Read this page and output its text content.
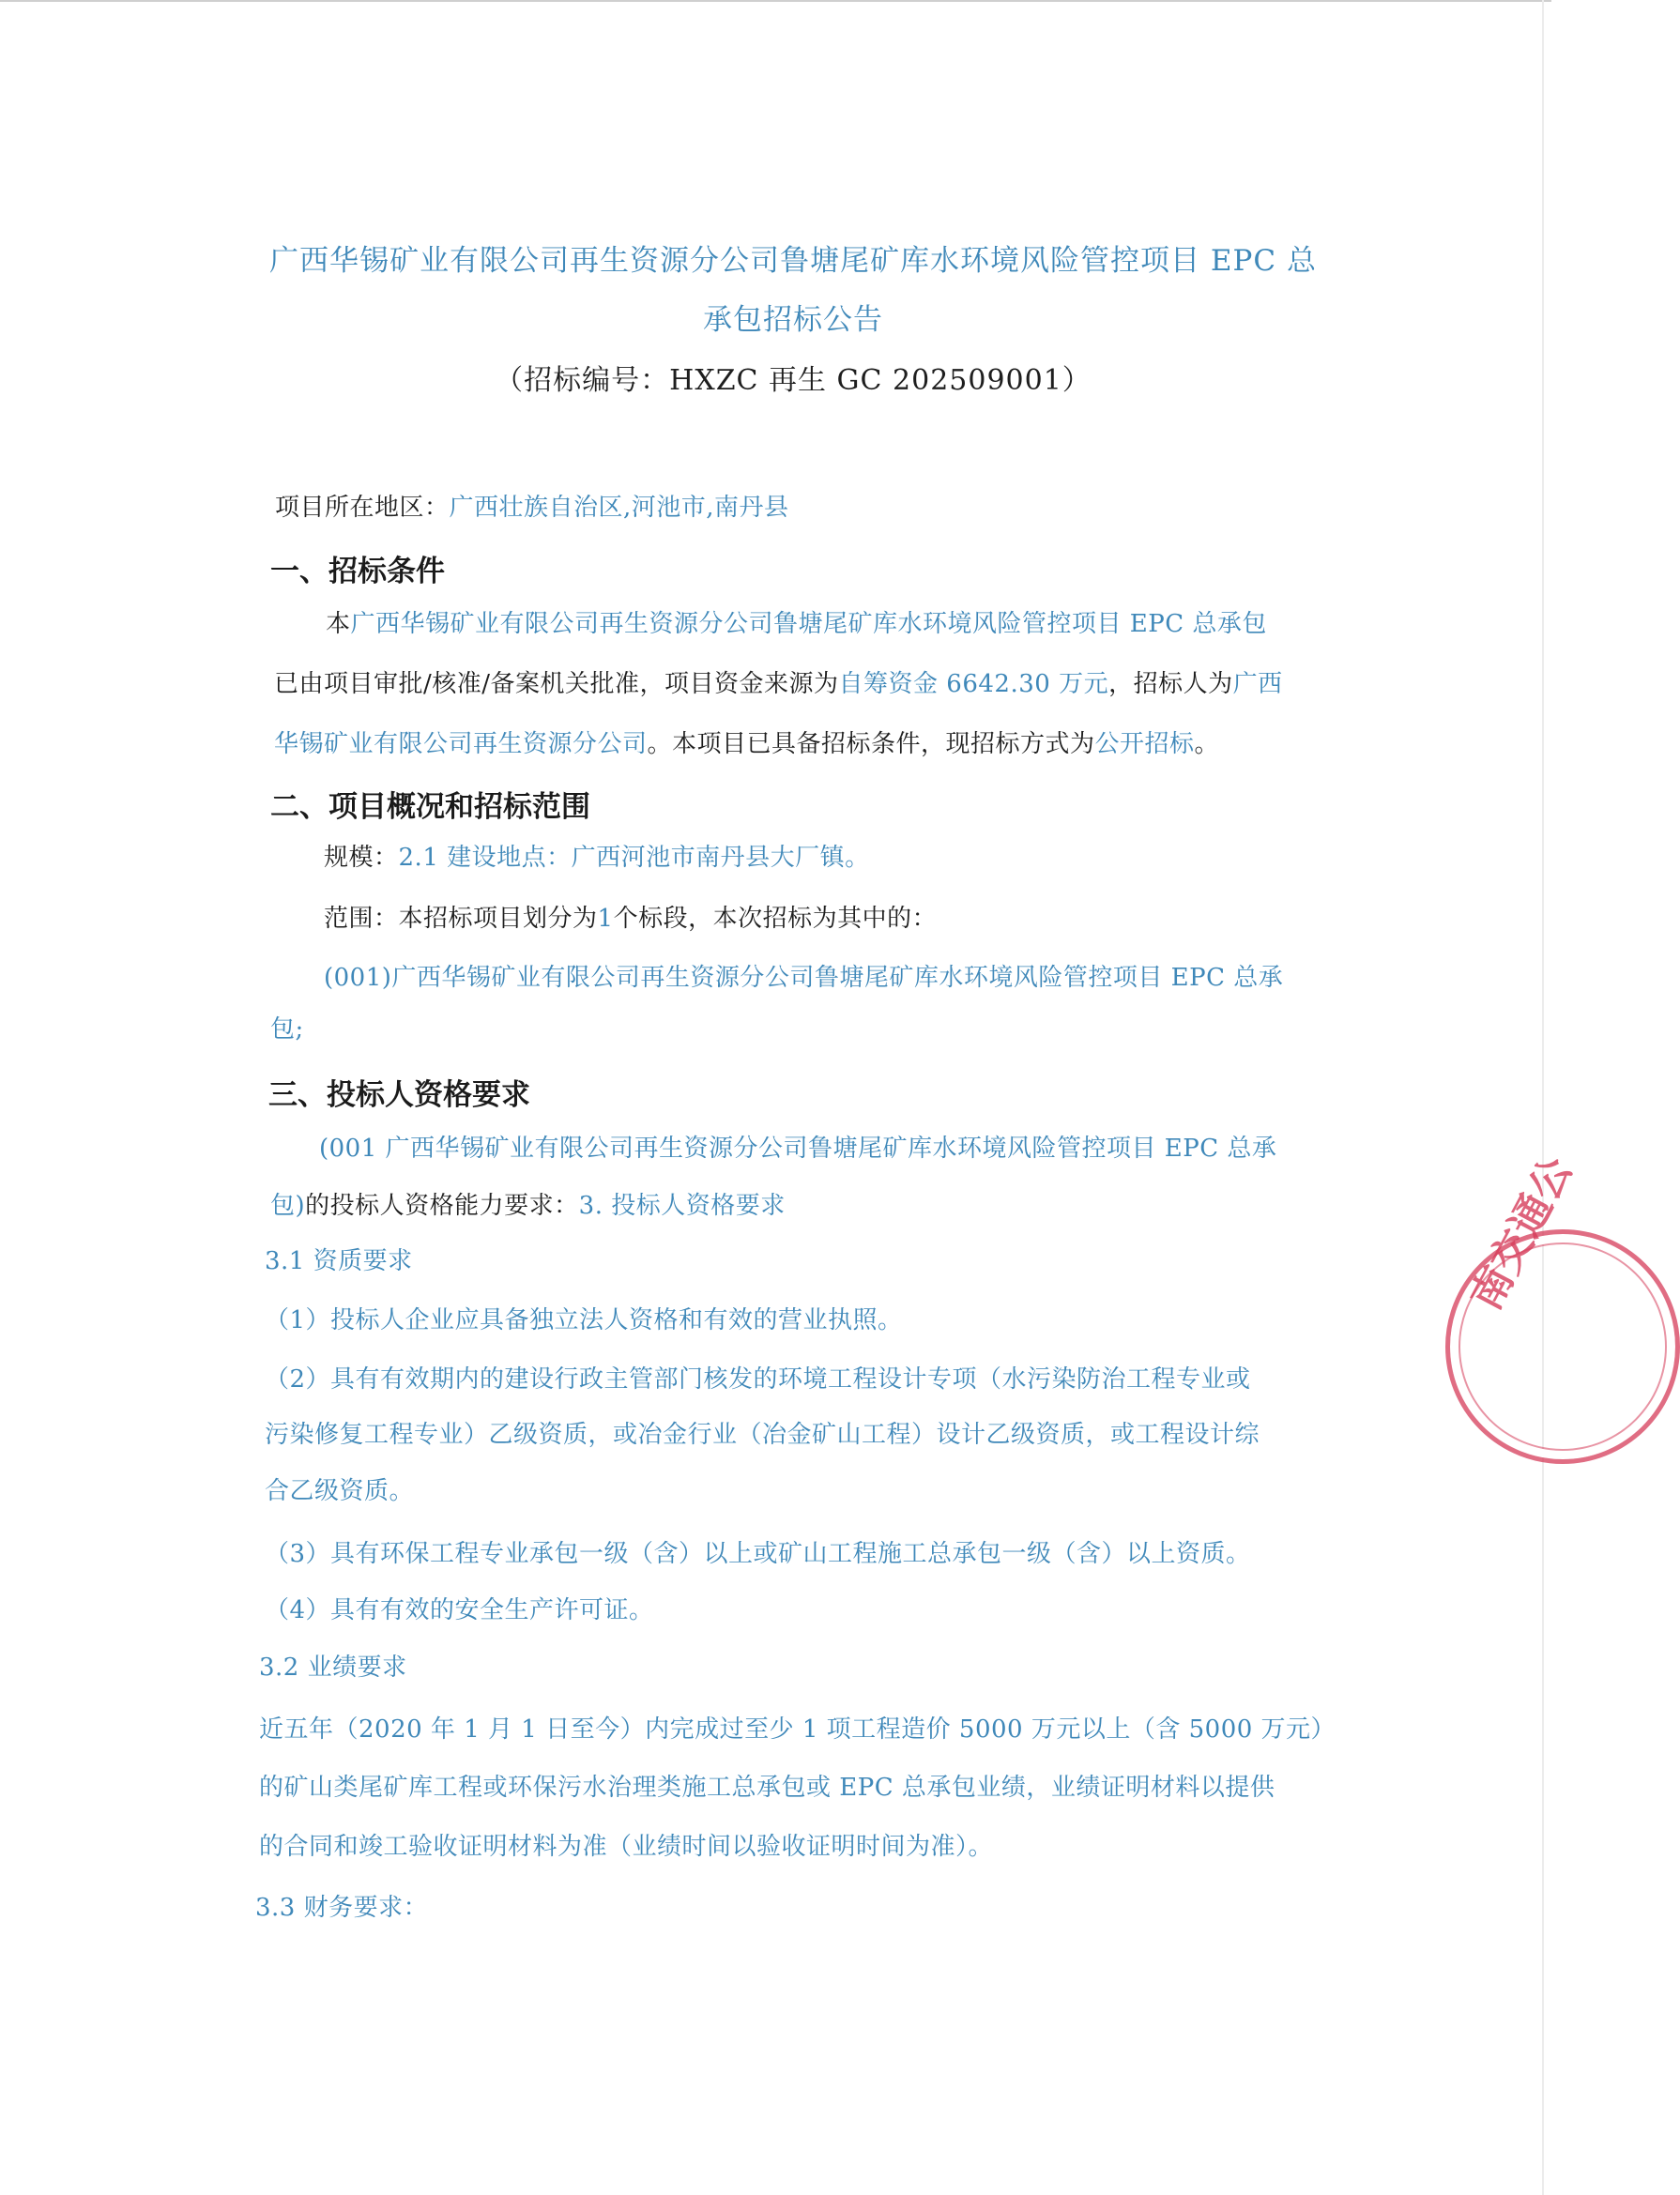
广西华锡矿业有限公司再生资源分公司鲁塘尾矿库水环境风险管控项目 EPC 总
承包招标公告
（招标编号：HXZC 再生 GC 202509001）
项目所在地区：广西壮族自治区,河池市,南丹县
一、招标条件
本广西华锡矿业有限公司再生资源分公司鲁塘尾矿库水环境风险管控项目 EPC 总承包
已由项目审批/核准/备案机关批准，项目资金来源为自筹资金 6642.30 万元，招标人为广西
华锡矿业有限公司再生资源分公司。本项目已具备招标条件，现招标方式为公开招标。
二、项目概况和招标范围
规模：2.1 建设地点：广西河池市南丹县大厂镇。
范围：本招标项目划分为1个标段，本次招标为其中的：
(001)广西华锡矿业有限公司再生资源分公司鲁塘尾矿库水环境风险管控项目 EPC 总承
包;
三、投标人资格要求
(001 广西华锡矿业有限公司再生资源分公司鲁塘尾矿库水环境风险管控项目 EPC 总承
包)的投标人资格能力要求：3. 投标人资格要求
3.1 资质要求
（1）投标人企业应具备独立法人资格和有效的营业执照。
（2）具有有效期内的建设行政主管部门核发的环境工程设计专项（水污染防治工程专业或
污染修复工程专业）乙级资质，或冶金行业（冶金矿山工程）设计乙级资质，或工程设计综
合乙级资质。
（3）具有环保工程专业承包一级（含）以上或矿山工程施工总承包一级（含）以上资质。
（4）具有有效的安全生产许可证。
3.2 业绩要求
近五年（2020 年 1 月 1 日至今）内完成过至少 1 项工程造价 5000 万元以上（含 5000 万元）
的矿山类尾矿库工程或环保污水治理类施工总承包或 EPC 总承包业绩，业绩证明材料以提供
的合同和竣工验收证明材料为准（业绩时间以验收证明时间为准）。
3.3 财务要求：
南交通公
